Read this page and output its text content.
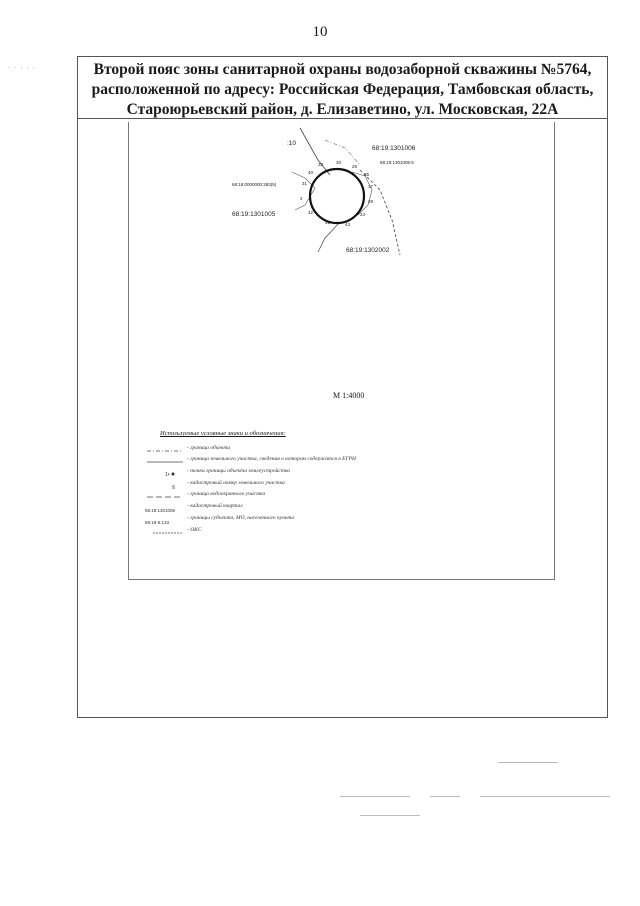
10
· · · · ·	Второй пояс зоны санитарной охраны водозаборной скважины №5764,
расположенной по адресу: Российская Федерация, Тамбовская область,
Староюрьевский район, д. Елизаветино, ул. Московская, 22А
:10
68:19:1301006
68:19:1301006:5
68:19:0000000:283(5)
68:19:1301005
68:19:1302002
33	30
29
35
37
28
24
43
41
42
2
31
40
М 1:4000
Используемые условные знаки и обозначения:
- граница объекта
- граница земельного участка, сведения о котором содержатся в ЕГРН
1•
- точки границы объекта землеустройства
:6
- кадастровый номер земельного участка
- граница водоохранного участка
68:19:1301006
- кадастровый квартал
68:19-6.133
- границы субъекта, МО, населенного пункта
- ОКС
